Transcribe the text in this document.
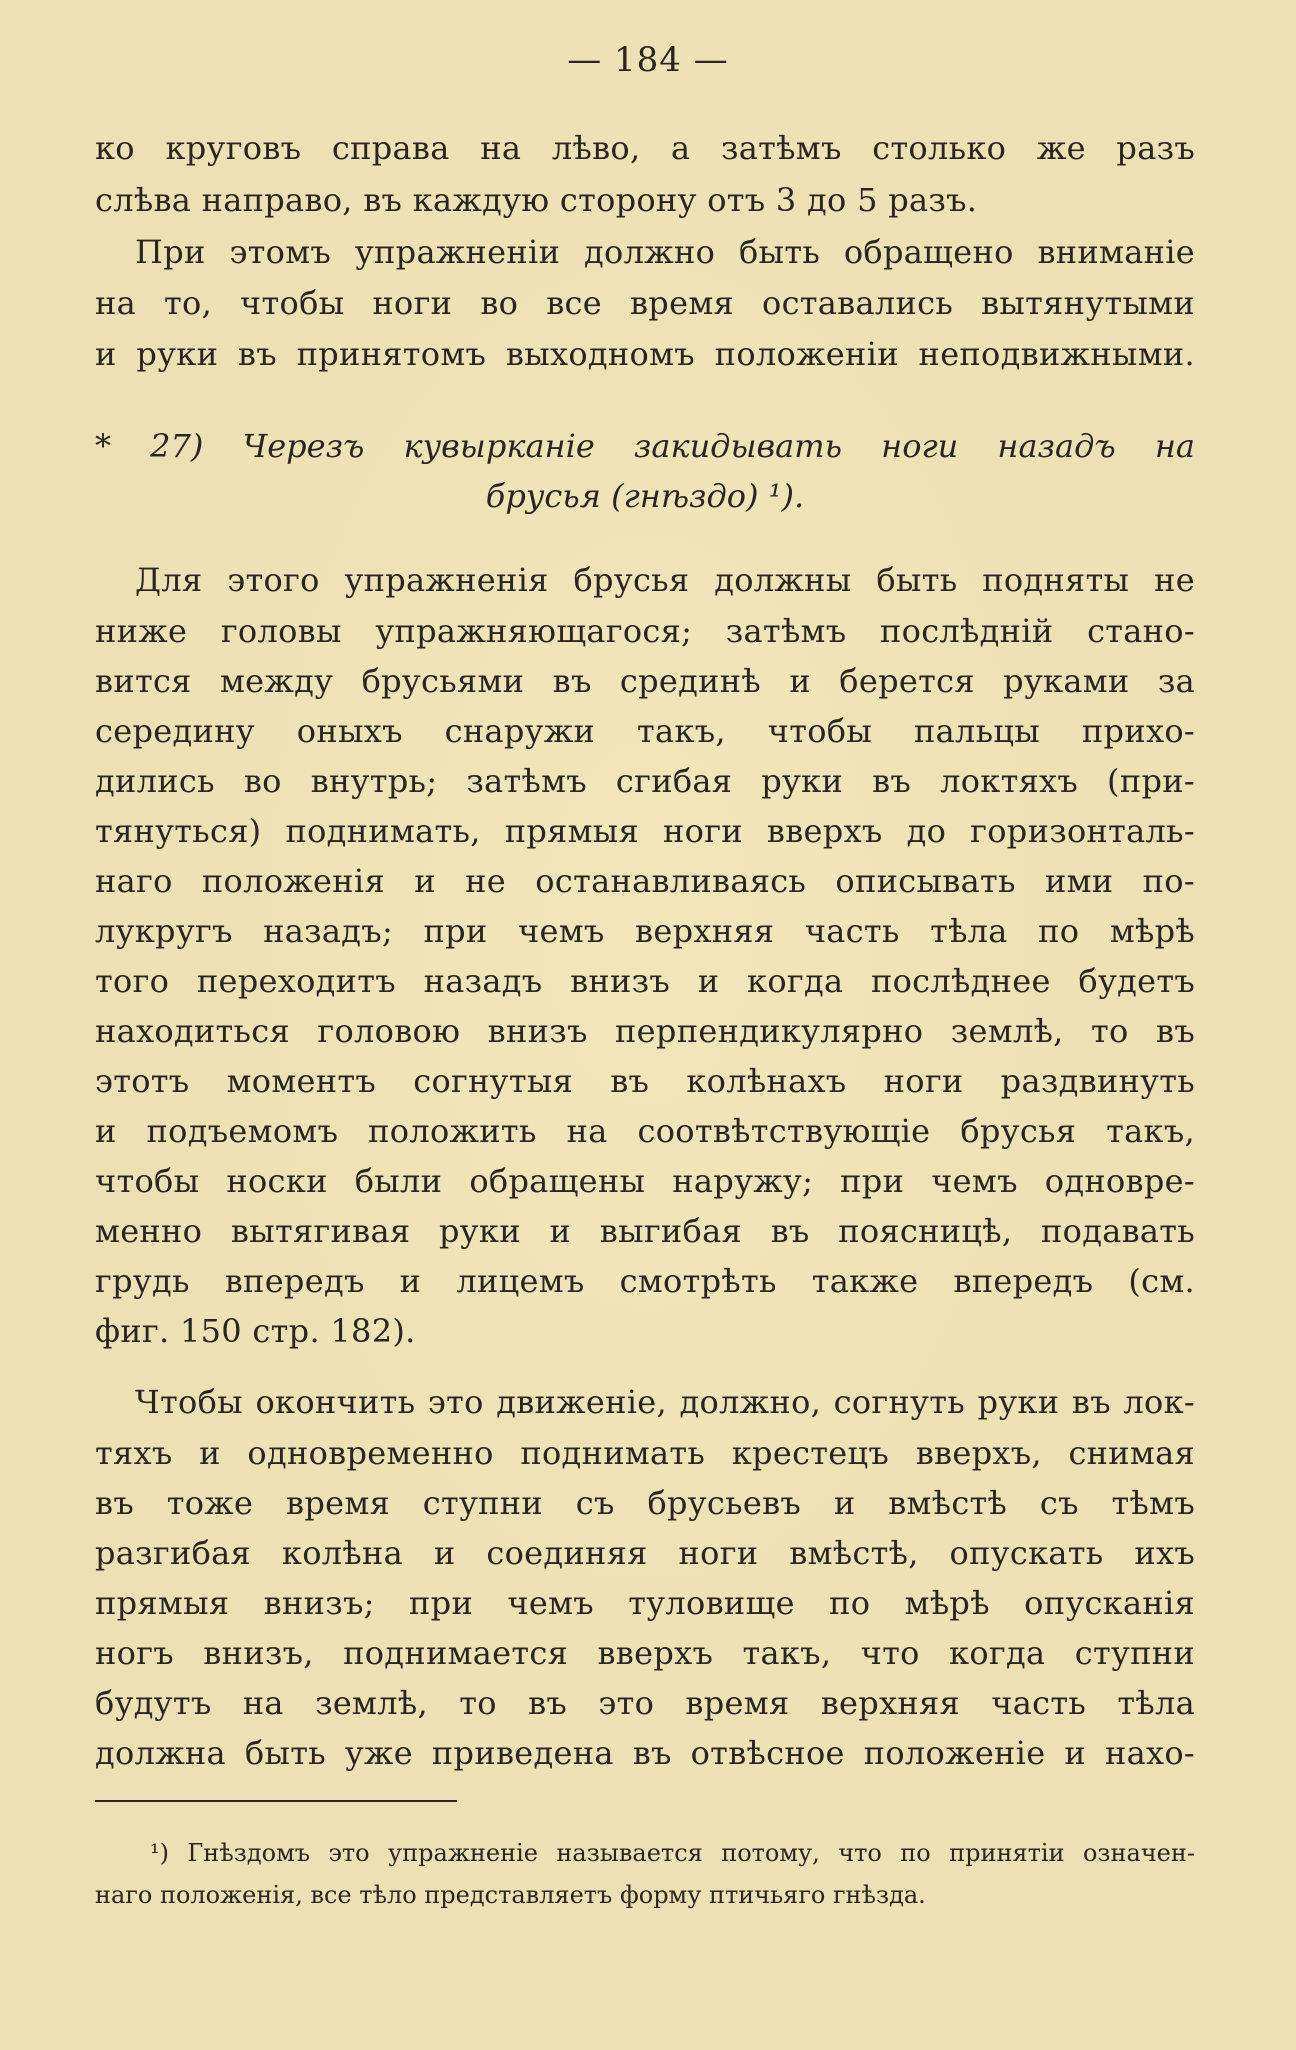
— 184 —
ко круговъ справа на лѣво, а затѣмъ столько же разъ
слѣва направо, въ каждую сторону отъ 3 до 5 разъ.
При этомъ упражненiи должно быть обращено вниманiе
на то, чтобы ноги во все время оставались вытянутыми
и руки въ принятомъ выходномъ положенiи неподвижными.
* 27) Черезъ кувырканiе закидывать ноги назадъ на
брусья (гнѣздо) ¹).
Для этого упражненiя брусья должны быть подняты не
ниже головы упражняющагося; затѣмъ послѣднiй стано-
вится между брусьями въ срединѣ и берется руками за
середину оныхъ снаружи такъ, чтобы пальцы прихо-
дились во внутрь; затѣмъ сгибая руки въ локтяхъ (при-
тянуться) поднимать, прямыя ноги вверхъ до горизонталь-
наго положенiя и не останавливаясь описывать ими по-
лукругъ назадъ; при чемъ верхняя часть тѣла по мѣрѣ
того переходитъ назадъ внизъ и когда послѣднее будетъ
находиться головою внизъ перпендикулярно землѣ, то въ
этотъ моментъ согнутыя въ колѣнахъ ноги раздвинуть
и подъемомъ положить на соотвѣтствующiе брусья такъ,
чтобы носки были обращены наружу; при чемъ одновре-
менно вытягивая руки и выгибая въ поясницѣ, подавать
грудь впередъ и лицемъ смотрѣть также впередъ (см.
фиг. 150 стр. 182).
Чтобы окончить это движенiе, должно, согнуть руки въ лок-
тяхъ и одновременно поднимать крестецъ вверхъ, снимая
въ тоже время ступни съ брусьевъ и вмѣстѣ съ тѣмъ
разгибая колѣна и соединяя ноги вмѣстѣ, опускать ихъ
прямыя внизъ; при чемъ туловище по мѣрѣ опусканiя
ногъ внизъ, поднимается вверхъ такъ, что когда ступни
будутъ на землѣ, то въ это время верхняя часть тѣла
должна быть уже приведена въ отвѣсное положенiе и нахо-
¹) Гнѣздомъ это упражненiе называется потому, что по принятiи означен-
наго положенiя, все тѣло представляетъ форму птичьяго гнѣзда.
